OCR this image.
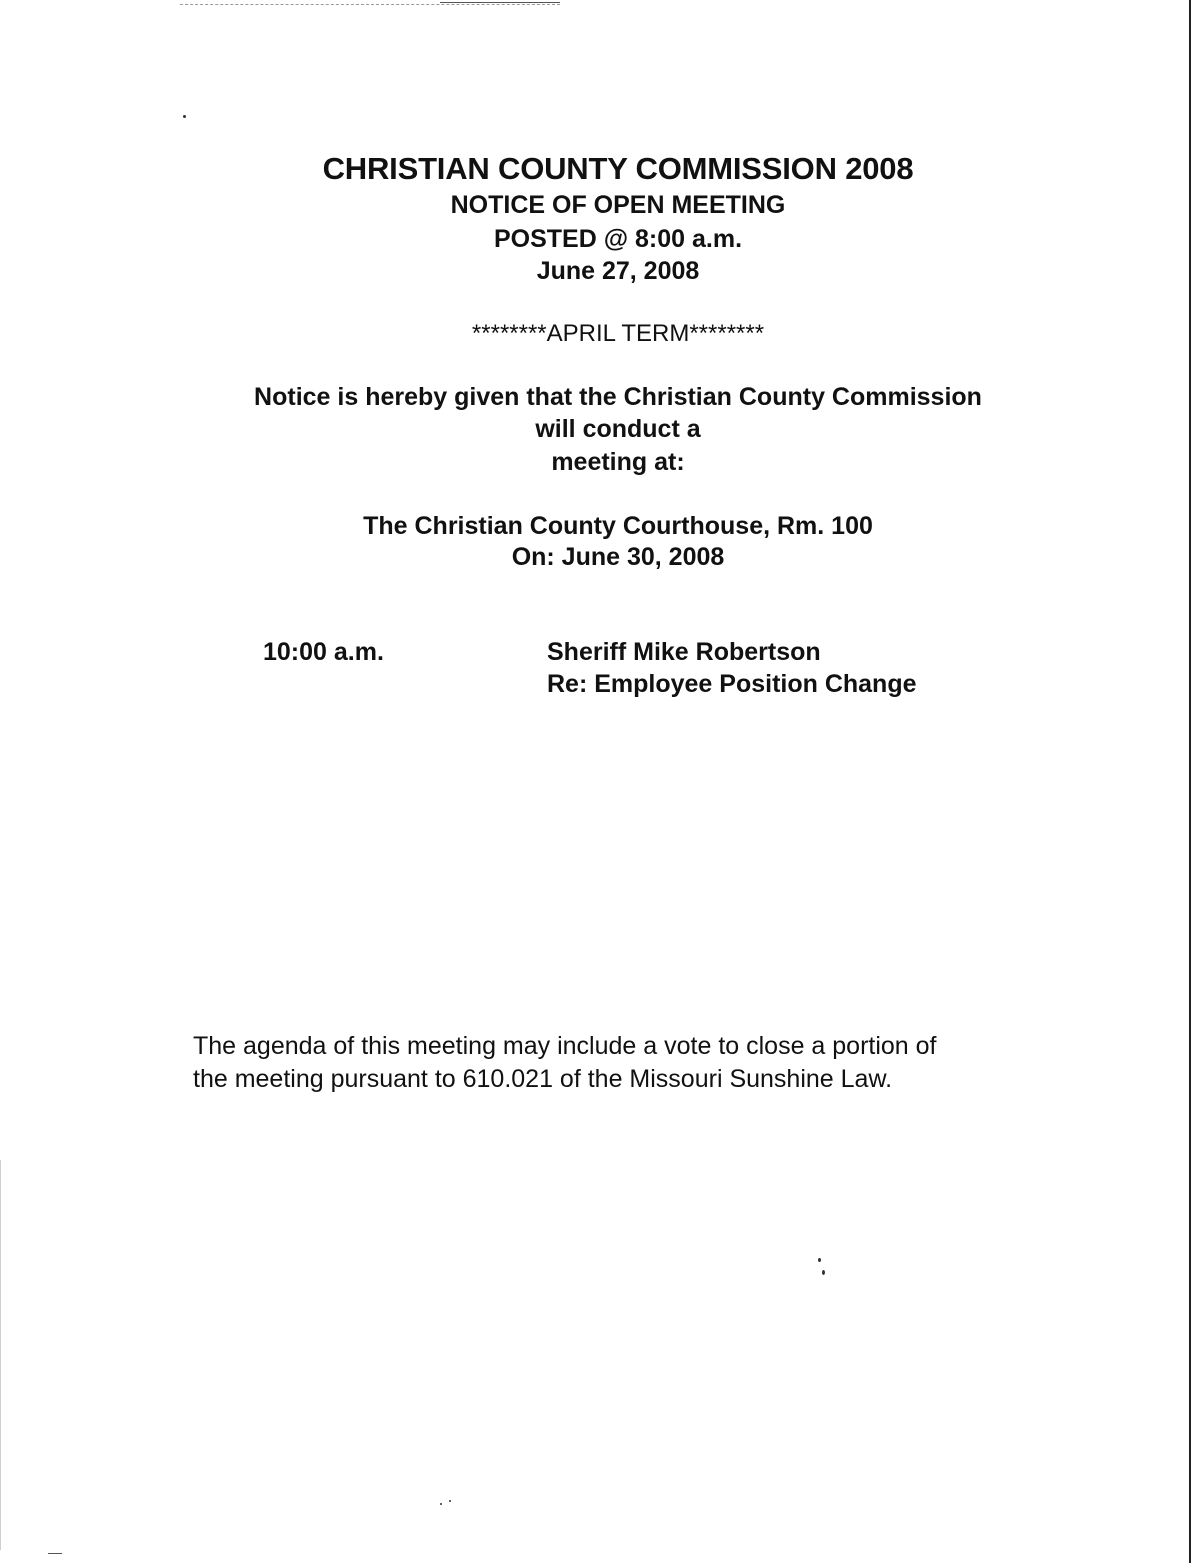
CHRISTIAN COUNTY COMMISSION 2008
NOTICE OF OPEN MEETING
POSTED @ 8:00 a.m.
June 27, 2008
********APRIL TERM********
Notice is hereby given that the Christian County Commission
will conduct a
meeting at:
The Christian County Courthouse, Rm. 100
On: June 30, 2008
10:00 a.m.	Sheriff Mike Robertson
Re: Employee Position Change
The agenda of this meeting may include a vote to close a portion of
the meeting pursuant to 610.021 of the Missouri Sunshine Law.
